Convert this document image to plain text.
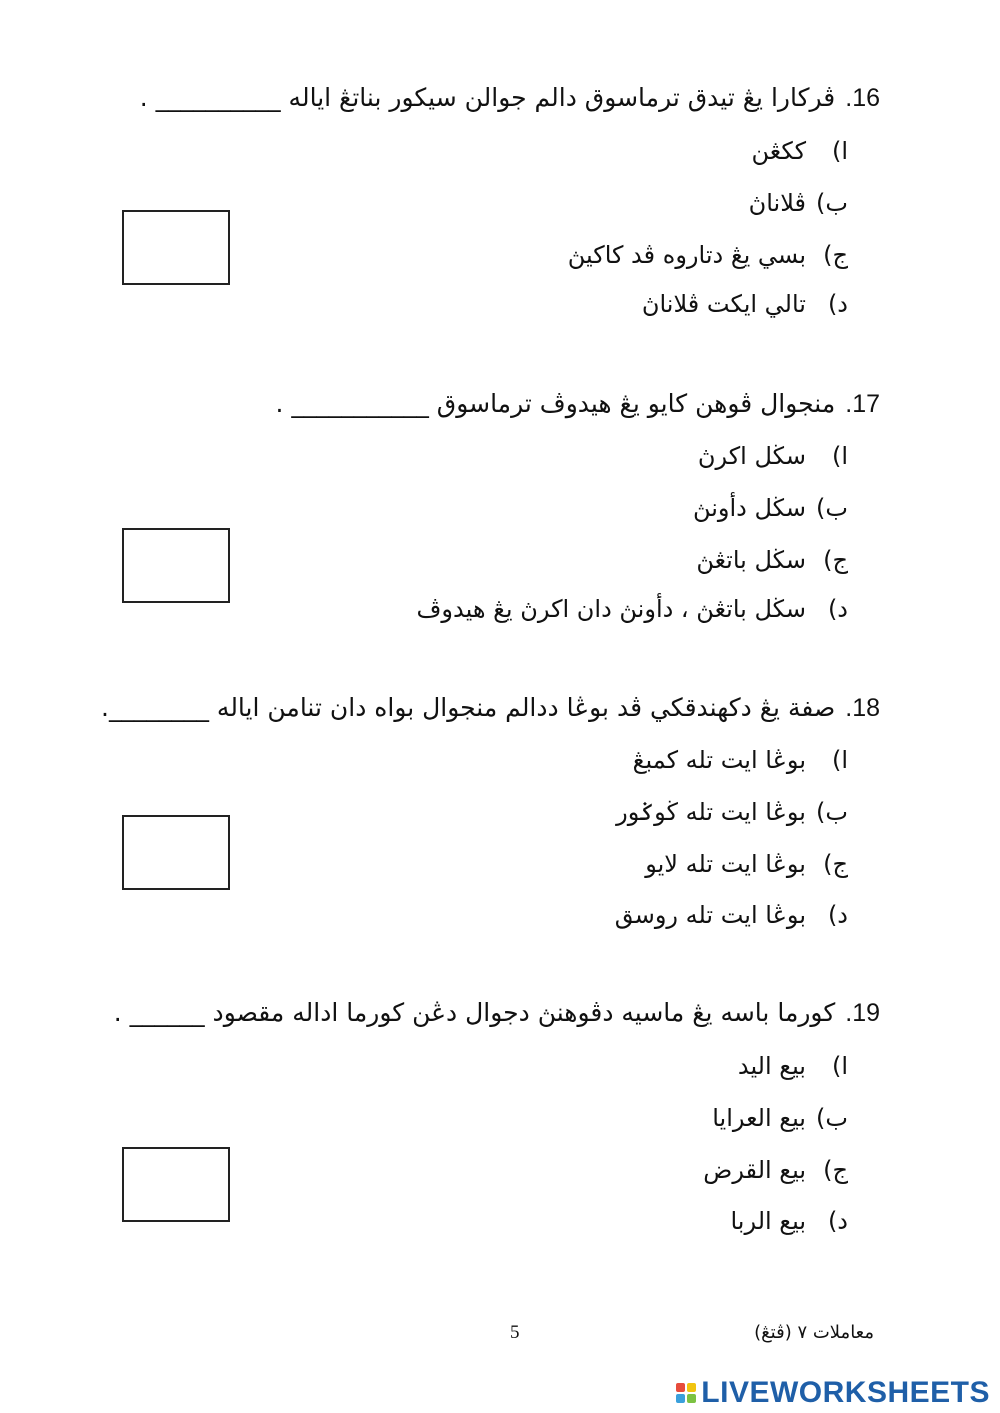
16.ڤركارا يڠ تيدق ترماسوق دالم جوالن سيكور بناتڠ اياله __________ .
ا)ككڠن
ب)ڤلاناڽ
ج)بسي يڠ دتاروه ڤد كاكيڽ
د)تالي ايكت ڤلاناڽ
17.منجوال ڤوهن كايو يڠ هيدوڤ ترماسوق ___________ .
ا)سڬل اكرڽ
ب)سڬل دأونڽ
ج)سڬل باتڠڽ
د)سڬل باتڠڽ ، دأونڽ دان اكرڽ يڠ هيدوڤ
18.صفة يڠ دكهندقكي ڤد بوڠا ددالم منجوال بواه دان تنامن اياله ________.
ا)بوڠا ايت تله كمبڠ
ب)بوڠا ايت تله ڬوݢور
ج)بوڠا ايت تله لايو
د)بوڠا ايت تله روسق
19.كورما باسه يڠ ماسيه دڤوهنڽ دجوال دڠن كورما اداله مقصود ______ .
ا)بيع اليد
ب)بيع العرايا
ج)بيع القرض
د)بيع الربا
معاملات ٧ (ڤتڠ)
5
LIVEWORKSHEETS
